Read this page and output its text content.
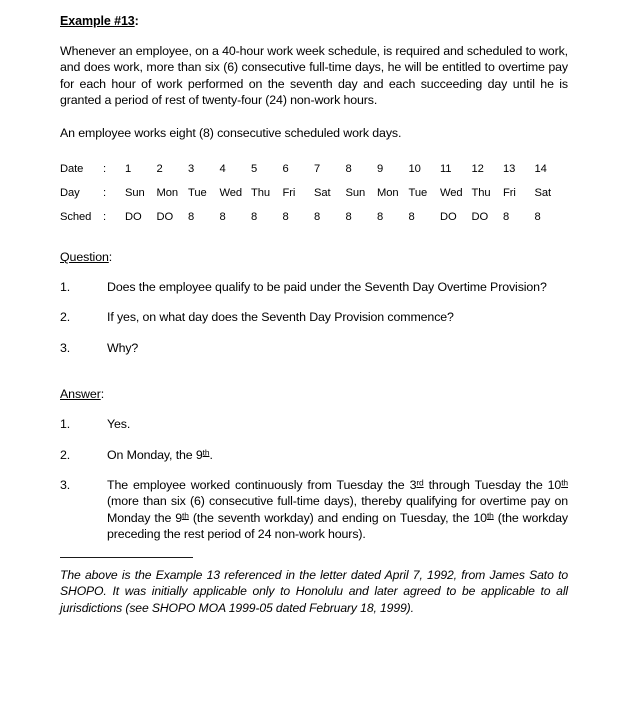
Example #13:

Whenever an employee, on a 40-hour work week schedule, is required and scheduled to work, and does work, more than six (6) consecutive full-time days, he will be entitled to overtime pay for each hour of work performed on the seventh day and each succeeding day until he is granted a period of rest of twenty-four (24) non-work hours.

An employee works eight (8) consecutive scheduled work days.

Date	:	1	2	3	4	5	6	7	8	9	10	11	12	13	14
Day	:	Sun	Mon	Tue	Wed	Thu	Fri	Sat	Sun	Mon	Tue	Wed	Thu	Fri	Sat
Sched	:	DO	DO	8	8	8	8	8	8	8	8	DO	DO	8	8
Question:
1.	Does the employee qualify to be paid under the Seventh Day Overtime Provision?
2.	If yes, on what day does the Seventh Day Provision commence?
3.	Why?
Answer:
1.	Yes.
2.	On Monday, the 9th.
3.	The employee worked continuously from Tuesday the 3rd through Tuesday the 10th (more than six (6) consecutive full-time days), thereby qualifying for overtime pay on Monday the 9th (the seventh workday) and ending on Tuesday, the 10th (the workday preceding the rest period of 24 non-work hours).

The above is the Example 13 referenced in the letter dated April 7, 1992, from James Sato to SHOPO. It was initially applicable only to Honolulu and later agreed to be applicable to all jurisdictions (see SHOPO MOA 1999-05 dated February 18, 1999).
